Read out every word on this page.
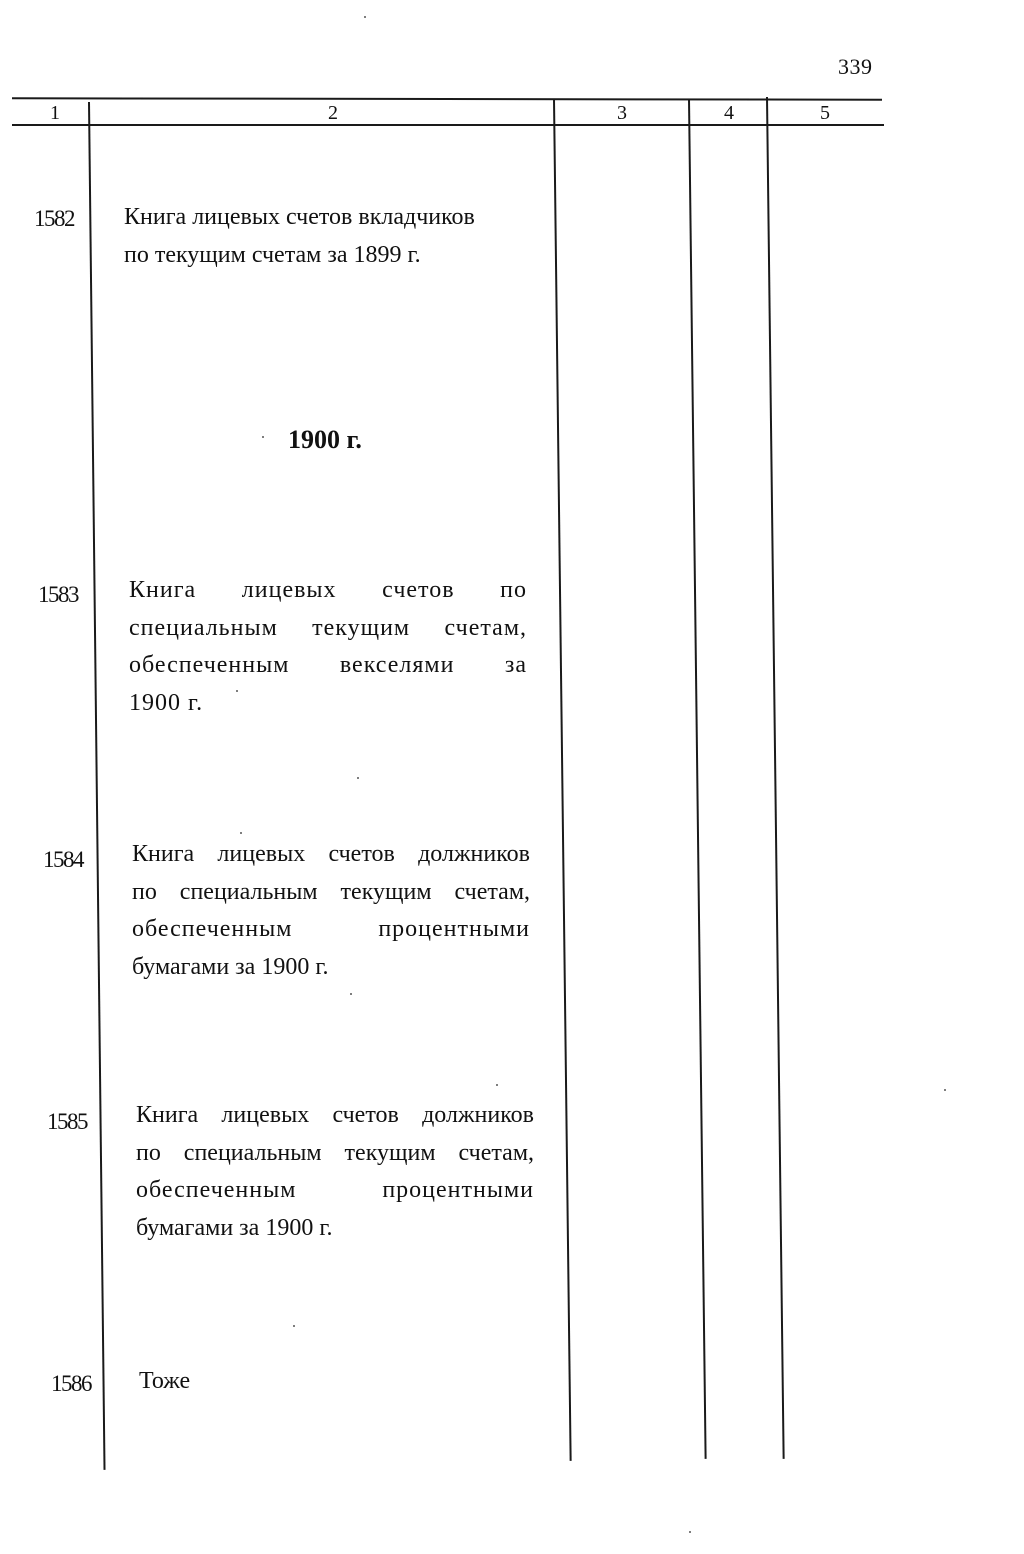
339
1	2	3	4	5
1582 Книга лицевых счетов вкладчиков
по текущим счетам за 1899 г.
1900 г.
1583 Книга лицевых счетов по
специальным текущим счетам,
обеспеченным векселями за
1900 г.
1584 Книга лицевых счетов должников
по специальным текущим счетам,
обеспеченным процентными
бумагами за 1900 г.
1585 Книга лицевых счетов должников
по специальным текущим счетам,
обеспеченным процентными
бумагами за 1900 г.
1586 Тоже
